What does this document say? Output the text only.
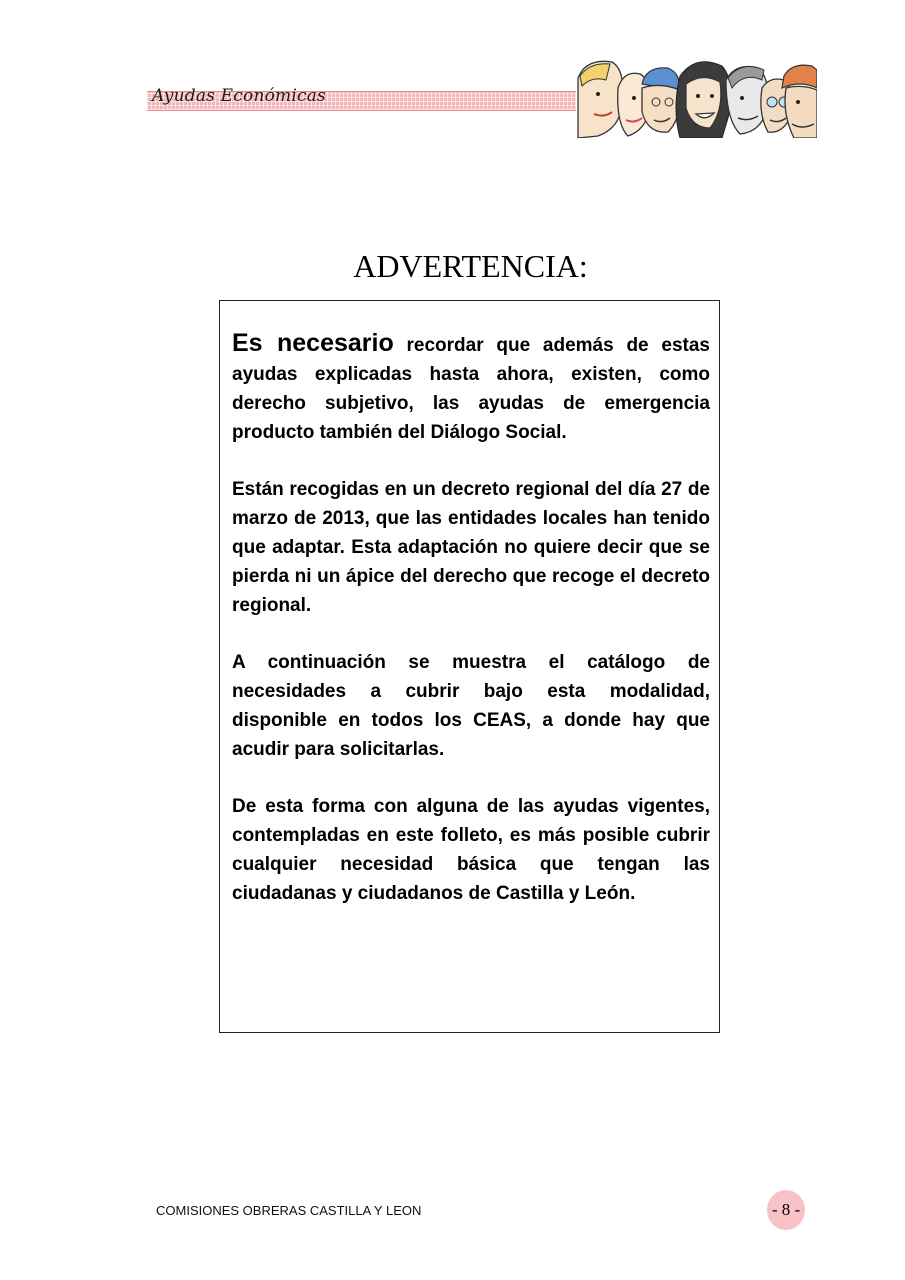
Ayudas Económicas
ADVERTENCIA:

Es necesario recordar que además de estas ayudas explicadas hasta ahora, existen, como derecho subjetivo, las ayudas de emergencia producto también del Diálogo Social.

Están recogidas en un decreto regional del día 27 de marzo de 2013, que las entidades locales han tenido que adaptar. Esta adaptación no quiere decir que se pierda ni un ápice del derecho que recoge el decreto regional.

A continuación se muestra el catálogo de necesidades a cubrir bajo esta modalidad, disponible en todos los CEAS, a donde hay que acudir para solicitarlas.

De esta forma con alguna de las ayudas vigentes, contempladas en este folleto, es más posible cubrir cualquier necesidad básica que tengan las ciudadanas y ciudadanos de Castilla y León.

COMISIONES OBRERAS CASTILLA Y LEON	- 8 -
